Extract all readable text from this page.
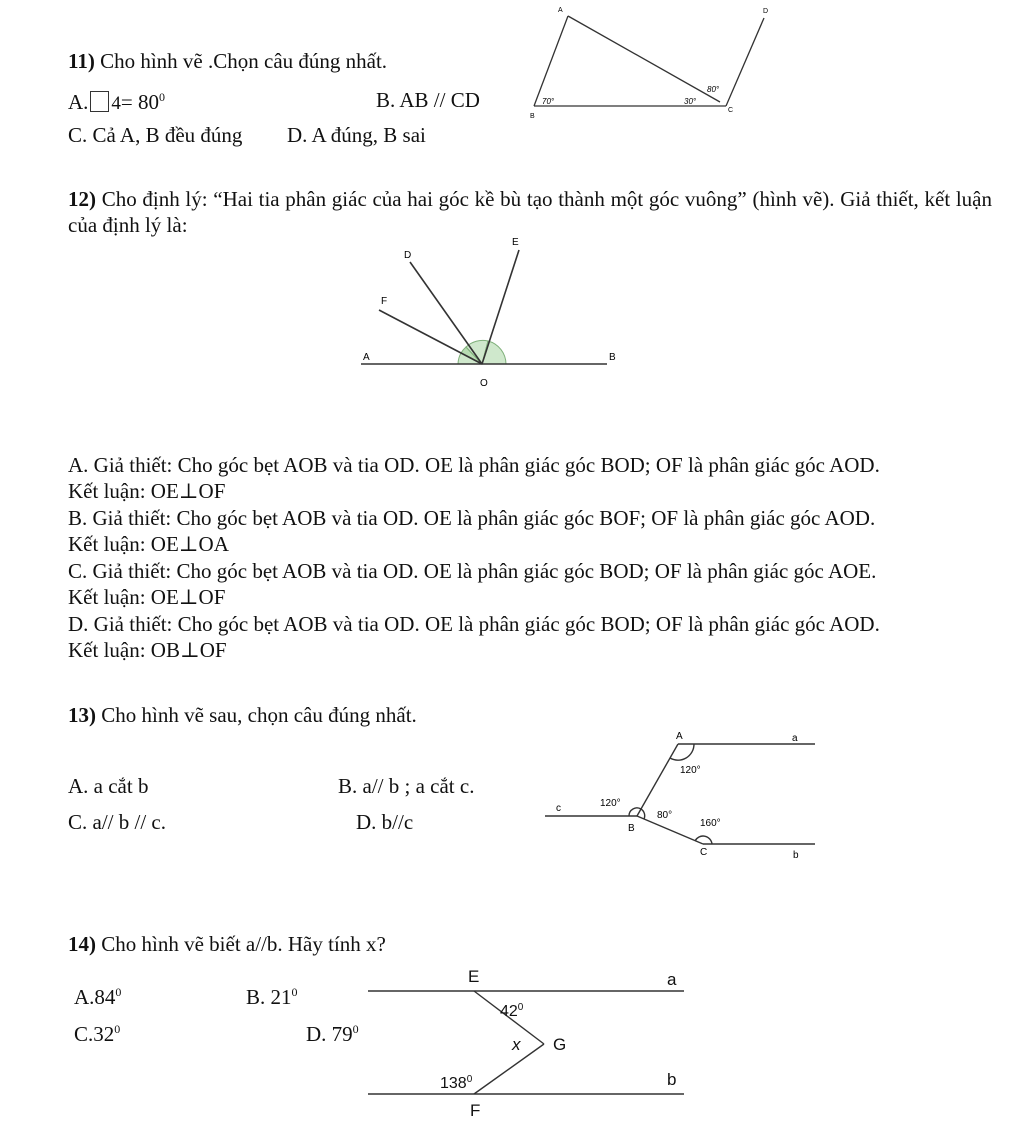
11) Cho hình vẽ .Chọn câu đúng nhất.
A. $4= 80^0$	B. AB // CD
C. Cả A, B đều đúng D. A đúng, B sai
A
B
C
D
70°	30°
80°
12) Cho định lý: “Hai tia phân giác của hai góc kề bù tạo thành một góc vuông” (hình vẽ). Giả thiết, kết luận của định lý là:
A	B
O
D
E
F
A. Giả thiết: Cho góc bẹt AOB và tia OD. OE là phân giác góc BOD; OF là phân giác góc AOD.
Kết luận: OE⊥OF
B. Giả thiết: Cho góc bẹt AOB và tia OD. OE là phân giác góc BOF; OF là phân giác góc AOD.
Kết luận: OE⊥OA
C. Giả thiết: Cho góc bẹt AOB và tia OD. OE là phân giác góc BOD; OF là phân giác góc AOE.
Kết luận: OE⊥OF
D. Giả thiết: Cho góc bẹt AOB và tia OD. OE là phân giác góc BOD; OF là phân giác góc AOD.
Kết luận: OB⊥OF
13) Cho hình vẽ sau, chọn câu đúng nhất.
A. a cắt b	B. a// b ; a cắt c.
C. a// b // c.	D. b//c
A	a
B
b
C
c
120°
120°
80°
160°
14) Cho hình vẽ biết a//b. Hãy tính x?
$A.84^0$	B. $21^0$
$C.32^0$	D. $79^0$
E	a
F
b
G
x
$42^0$
$138^0$
